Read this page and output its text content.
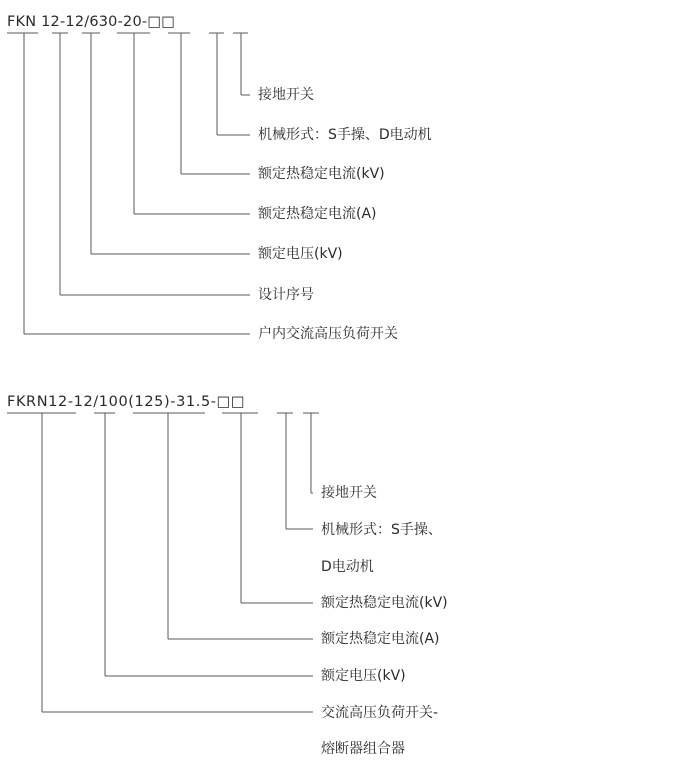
FKN 12-12/630-20-□□
接地开关
机械形式：S手操、D电动机
额定热稳定电流(kV)
额定热稳定电流(A)
额定电压(kV)
设计序号
户内交流高压负荷开关
FKRN12-12/100(125)-31.5-□□
接地开关
机械形式：S手操、
D电动机
额定热稳定电流(kV)
额定热稳定电流(A)
额定电压(kV)
交流高压负荷开关-
熔断器组合器
